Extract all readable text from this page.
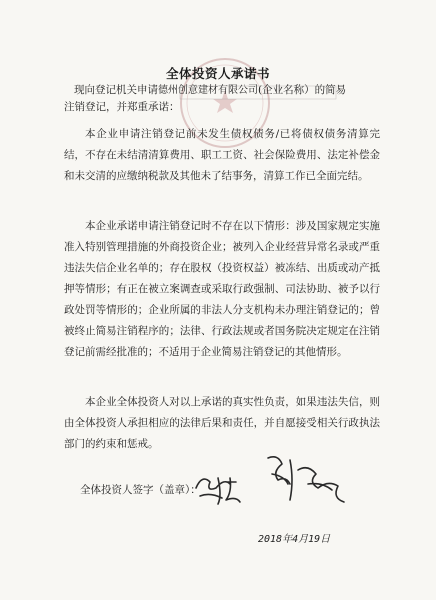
全体投资人承诺书
现向登记机关申请德州创意建材有限公司(企业名称）的简易
注销登记，并郑重承诺：
本企业申请注销登记前未发生债权债务/已将债权债务清算完结，不存在未结清清算费用、职工工资、社会保险费用、法定补偿金和未交清的应缴纳税款及其他未了结事务，清算工作已全面完结。
本企业承诺申请注销登记时不存在以下情形：涉及国家规定实施准入特别管理措施的外商投资企业；被列入企业经营异常名录或严重违法失信企业名单的；存在股权（投资权益）被冻结、出质或动产抵押等情形；有正在被立案调查或采取行政强制、司法协助、被予以行政处罚等情形的；企业所属的非法人分支机构未办理注销登记的；曾被终止简易注销程序的；法律、行政法规或者国务院决定规定在注销登记前需经批准的；不适用于企业简易注销登记的其他情形。
本企业全体投资人对以上承诺的真实性负责，如果违法失信，则由全体投资人承担相应的法律后果和责任，并自愿接受相关行政执法部门的约束和惩戒。
全体投资人签字（盖章）：
2018年4月19日
